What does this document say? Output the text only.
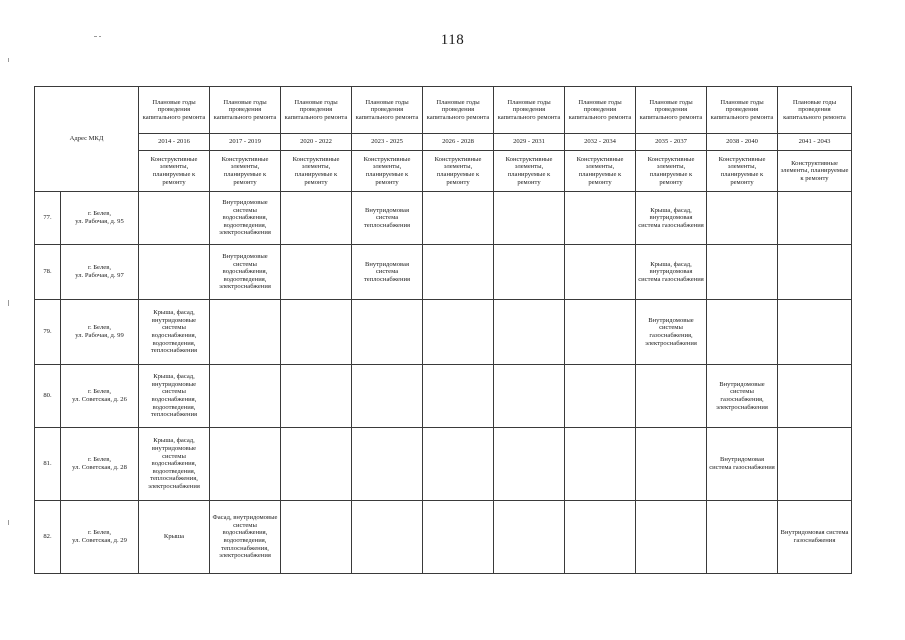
118
Адрес МКД		Плановые годы проведения капитального ремонта	Плановые годы проведения капитального ремонта	Плановые годы проведения капитального ремонта	Плановые годы проведения капитального ремонта	Плановые годы проведения капитального ремонта	Плановые годы проведения капитального ремонта	Плановые годы проведения капитального ремонта	Плановые годы проведения капитального ремонта	Плановые годы проведения капитального ремонта	Плановые годы проведения капитального ремонта
		2014 - 2016	2017 - 2019	2020 - 2022	2023 - 2025	2026 - 2028	2029 - 2031	2032 - 2034	2035 - 2037	2038 - 2040	2041 - 2043
		Конструктивные элементы, планируемые к ремонту	Конструктивные элементы, планируемые к ремонту	Конструктивные элементы, планируемые к ремонту	Конструктивные элементы, планируемые к ремонту	Конструктивные элементы, планируемые к ремонту	Конструктивные элементы, планируемые к ремонту	Конструктивные элементы, планируемые к ремонту	Конструктивные элементы, планируемые к ремонту	Конструктивные элементы, планируемые к ремонту	Конструктивные элементы, планируемые к ремонту
77.	г. Белев,
ул. Рабочая, д. 95		Внутридомовые системы водоснабжения, водоотведения, электроснабжения		Внутридомовая система теплоснабжения				Крыша, фасад, внутридомовая система газоснабжения		
78.	г. Белев,
ул. Рабочая, д. 97		Внутридомовые системы водоснабжения, водоотведения, электроснабжения		Внутридомовая система теплоснабжения				Крыша, фасад, внутридомовая система газоснабжения		
79.	г. Белев,
ул. Рабочая, д. 99	Крыша, фасад, внутридомовые системы водоснабжения, водоотведения, теплоснабжения							Внутридомовые системы газоснабжения, электроснабжения		
80.	г. Белев,
ул. Советская, д. 26	Крыша, фасад, внутридомовые системы водоснабжения, водоотведения, теплоснабжения								Внутридомовые системы газоснабжения, электроснабжения	
81.	г. Белев,
ул. Советская, д. 28	Крыша, фасад, внутридомовые системы водоснабжения, водоотведения, теплоснабжения, электроснабжения								Внутридомовая система газоснабжения	
82.	г. Белев,
ул. Советская, д. 29	Крыша	Фасад, внутридомовые системы водоснабжения, водоотведения, теплоснабжения, электроснабжения								Внутридомовая система газоснабжения
